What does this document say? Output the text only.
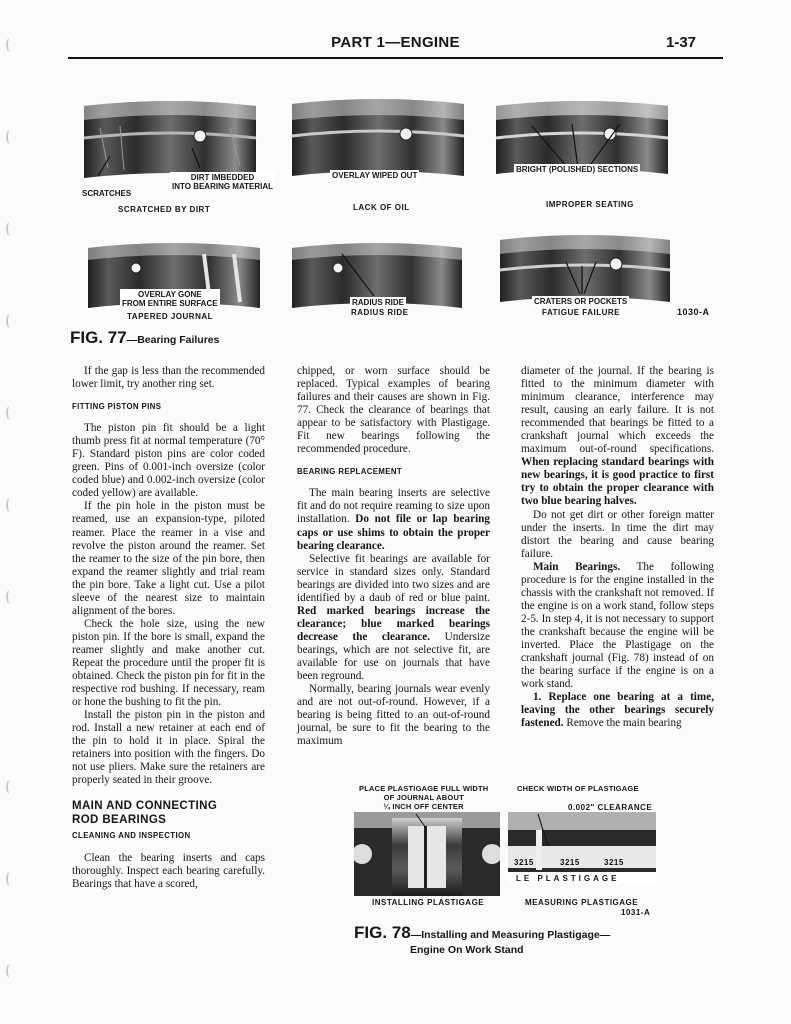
PART 1—ENGINE	1-37
DIRT IMBEDDED
INTO BEARING MATERIAL
SCRATCHES
SCRATCHED BY DIRT
OVERLAY WIPED OUT
LACK OF OIL
BRIGHT (POLISHED) SECTIONS
IMPROPER SEATING
OVERLAY GONE
FROM ENTIRE SURFACE
TAPERED JOURNAL
RADIUS RIDE
RADIUS RIDE
CRATERS OR POCKETS
FATIGUE FAILURE	1030-A
FIG. 77—Bearing Failures

If the gap is less than the recommended lower limit, try another ring set.

FITTING PISTON PINS

The piston pin fit should be a light thumb press fit at normal temperature (70° F). Standard piston pins are color coded green. Pins of 0.001-inch oversize (color coded blue) and 0.002-inch oversize (color coded yellow) are available.

If the pin hole in the piston must be reamed, use an expansion-type, piloted reamer. Place the reamer in a vise and revolve the piston around the reamer. Set the reamer to the size of the pin bore, then expand the reamer slightly and trial ream the pin bore. Take a light cut. Use a pilot sleeve of the nearest size to maintain alignment of the bores.

Check the hole size, using the new piston pin. If the bore is small, expand the reamer slightly and make another cut. Repeat the procedure until the proper fit is obtained. Check the piston pin for fit in the respective rod bushing. If necessary, ream or hone the bushing to fit the pin.

Install the piston pin in the piston and rod. Install a new retainer at each end of the pin to hold it in place. Spiral the retainers into position with the fingers. Do not use pliers. Make sure the retainers are properly seated in their groove.

MAIN AND CONNECTING
ROD BEARINGS
CLEANING AND INSPECTION

Clean the bearing inserts and caps thoroughly. Inspect each bearing carefully. Bearings that have a scored,

chipped, or worn surface should be replaced. Typical examples of bearing failures and their causes are shown in Fig. 77. Check the clearance of bearings that appear to be satisfactory with Plastigage. Fit new bearings following the recommended procedure.

BEARING REPLACEMENT

The main bearing inserts are selective fit and do not require reaming to size upon installation. Do not file or lap bearing caps or use shims to obtain the proper bearing clearance.

Selective fit bearings are available for service in standard sizes only. Standard bearings are divided into two sizes and are identified by a daub of red or blue paint. Red marked bearings increase the clearance; blue marked bearings decrease the clearance. Undersize bearings, which are not selective fit, are available for use on journals that have been reground.

Normally, bearing journals wear evenly and are not out-of-round. However, if a bearing is being fitted to an out-of-round journal, be sure to fit the bearing to the maximum

diameter of the journal. If the bearing is fitted to the minimum diameter with minimum clearance, interference may result, causing an early failure. It is not recommended that bearings be fitted to a crankshaft journal which exceeds the maximum out-of-round specifications. When replacing standard bearings with new bearings, it is good practice to first try to obtain the proper clearance with two blue bearing halves.

Do not get dirt or other foreign matter under the inserts. In time the dirt may distort the bearing and cause bearing failure.

Main Bearings. The following procedure is for the engine installed in the chassis with the crankshaft not removed. If the engine is on a work stand, follow steps 2-5. In step 4, it is not necessary to support the crankshaft because the engine will be inverted. Place the Plastigage on the crankshaft journal (Fig. 78) instead of on the bearing surface if the engine is on a work stand.

1. Replace one bearing at a time, leaving the other bearings securely fastened. Remove the main bearing

PLACE PLASTIGAGE FULL WIDTH
OF JOURNAL ABOUT
¼ INCH OFF CENTER
CHECK WIDTH OF PLASTIGAGE
0.002" CLEARANCE
3215	3215	3215
LE PLASTIGAGE
INSTALLING PLASTIGAGE	MEASURING PLASTIGAGE
1031-A
FIG. 78—Installing and Measuring Plastigage—
Engine On Work Stand
